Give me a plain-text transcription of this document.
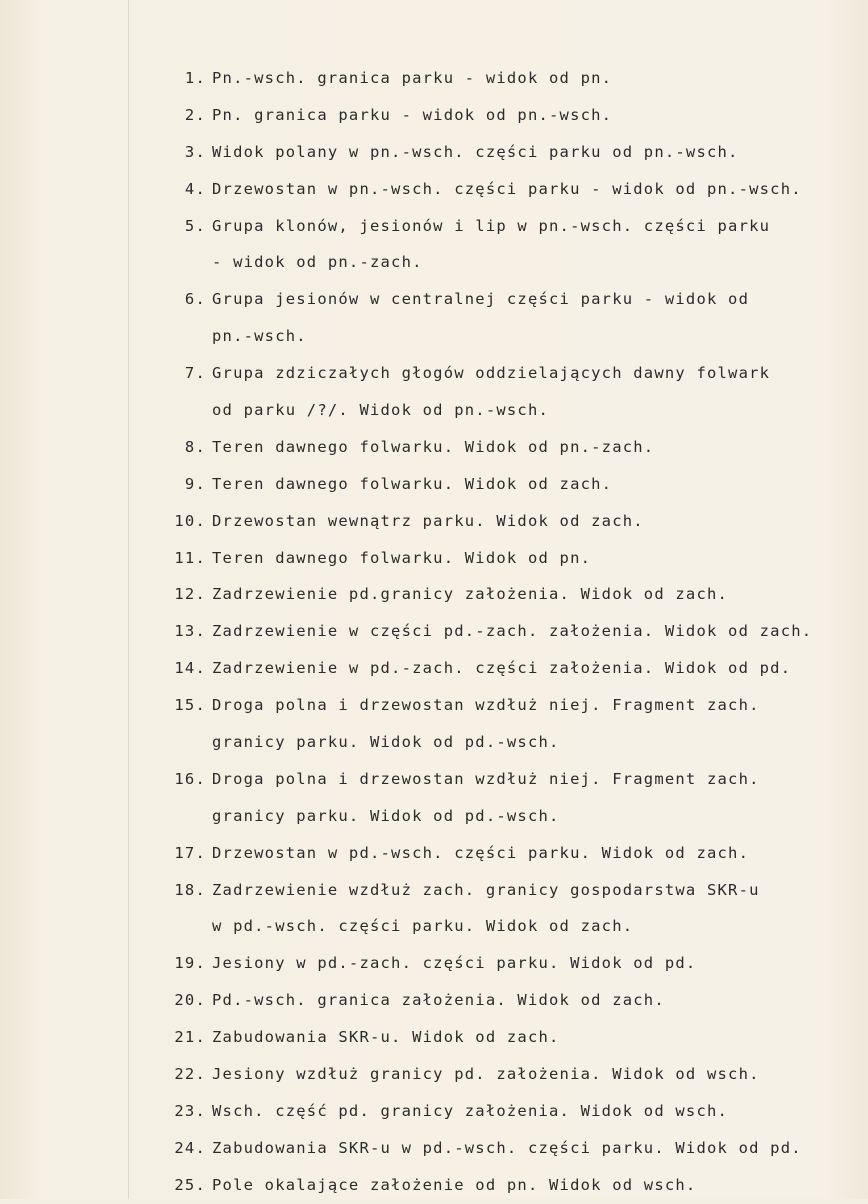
1. Pn.-wsch. granica parku - widok od pn.
2. Pn. granica parku - widok od pn.-wsch.
3. Widok polany w pn.-wsch. części parku od pn.-wsch.
4. Drzewostan w pn.-wsch. części parku - widok od pn.-wsch.
5. Grupa klonów, jesionów i lip w pn.-wsch. części parku
- widok od pn.-zach.
6. Grupa jesionów w centralnej części parku - widok od
pn.-wsch.
7. Grupa zdziczałych głogów oddzielających dawny folwark
od parku /?/. Widok od pn.-wsch.
8. Teren dawnego folwarku. Widok od pn.-zach.
9. Teren dawnego folwarku. Widok od zach.
10. Drzewostan wewnątrz parku. Widok od zach.
11. Teren dawnego folwarku. Widok od pn.
12. Zadrzewienie pd.granicy założenia. Widok od zach.
13. Zadrzewienie w części pd.-zach. założenia. Widok od zach.
14. Zadrzewienie w pd.-zach. części założenia. Widok od pd.
15. Droga polna i drzewostan wzdłuż niej. Fragment zach.
granicy parku. Widok od pd.-wsch.
16. Droga polna i drzewostan wzdłuż niej. Fragment zach.
granicy parku. Widok od pd.-wsch.
17. Drzewostan w pd.-wsch. części parku. Widok od zach.
18. Zadrzewienie wzdłuż zach. granicy gospodarstwa SKR-u
w pd.-wsch. części parku. Widok od zach.
19. Jesiony w pd.-zach. części parku. Widok od pd.
20. Pd.-wsch. granica założenia. Widok od zach.
21. Zabudowania SKR-u. Widok od zach.
22. Jesiony wzdłuż granicy pd. założenia. Widok od wsch.
23. Wsch. część pd. granicy założenia. Widok od wsch.
24. Zabudowania SKR-u w pd.-wsch. części parku. Widok od pd.
25. Pole okalające założenie od pn. Widok od wsch.
